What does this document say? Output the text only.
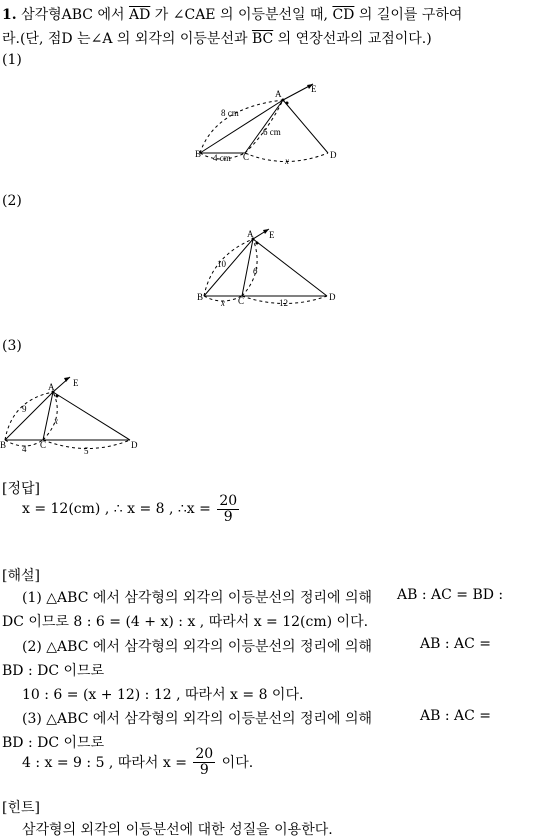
1. 삼각형ABC 에서 $\overline{AD}$ 가 ∠CAE 의 이등분선일 때, $\overline{CD}$ 의 길이를 구하여
라.(단, 점D 는∠A 의 외각의 이등분선과 $\overline{BC}$ 의 연장선과의 교점이다.)
(1)
A	E
B	C	D
8 cm
6 cm
4 cm	x
(2)
A E
B	C	D
10
6
x	12
(3)
A E
B	C	D
9
x
4	5
[정답]
x = 12(cm) , ∴ x = 8 , ∴x = $\frac{20}{9}$
[해설]
(1) △ABC 에서 삼각형의 외각의 이등분선의 정리에 의해 AB : AC = BD :
DC 이므로 8 : 6 = (4 + x) : x , 따라서 x = 12(cm) 이다.
(2) △ABC 에서 삼각형의 외각의 이등분선의 정리에 의해	AB : AC =
BD : DC 이므로
10 : 6 = (x + 12) : 12 , 따라서 x = 8 이다.
(3) △ABC 에서 삼각형의 외각의 이등분선의 정리에 의해	AB : AC =
BD : DC 이므로
4 : x = 9 : 5 , 따라서 $x = \frac{20}{9}$ 이다.
[힌트]
삼각형의 외각의 이등분선에 대한 성질을 이용한다.
